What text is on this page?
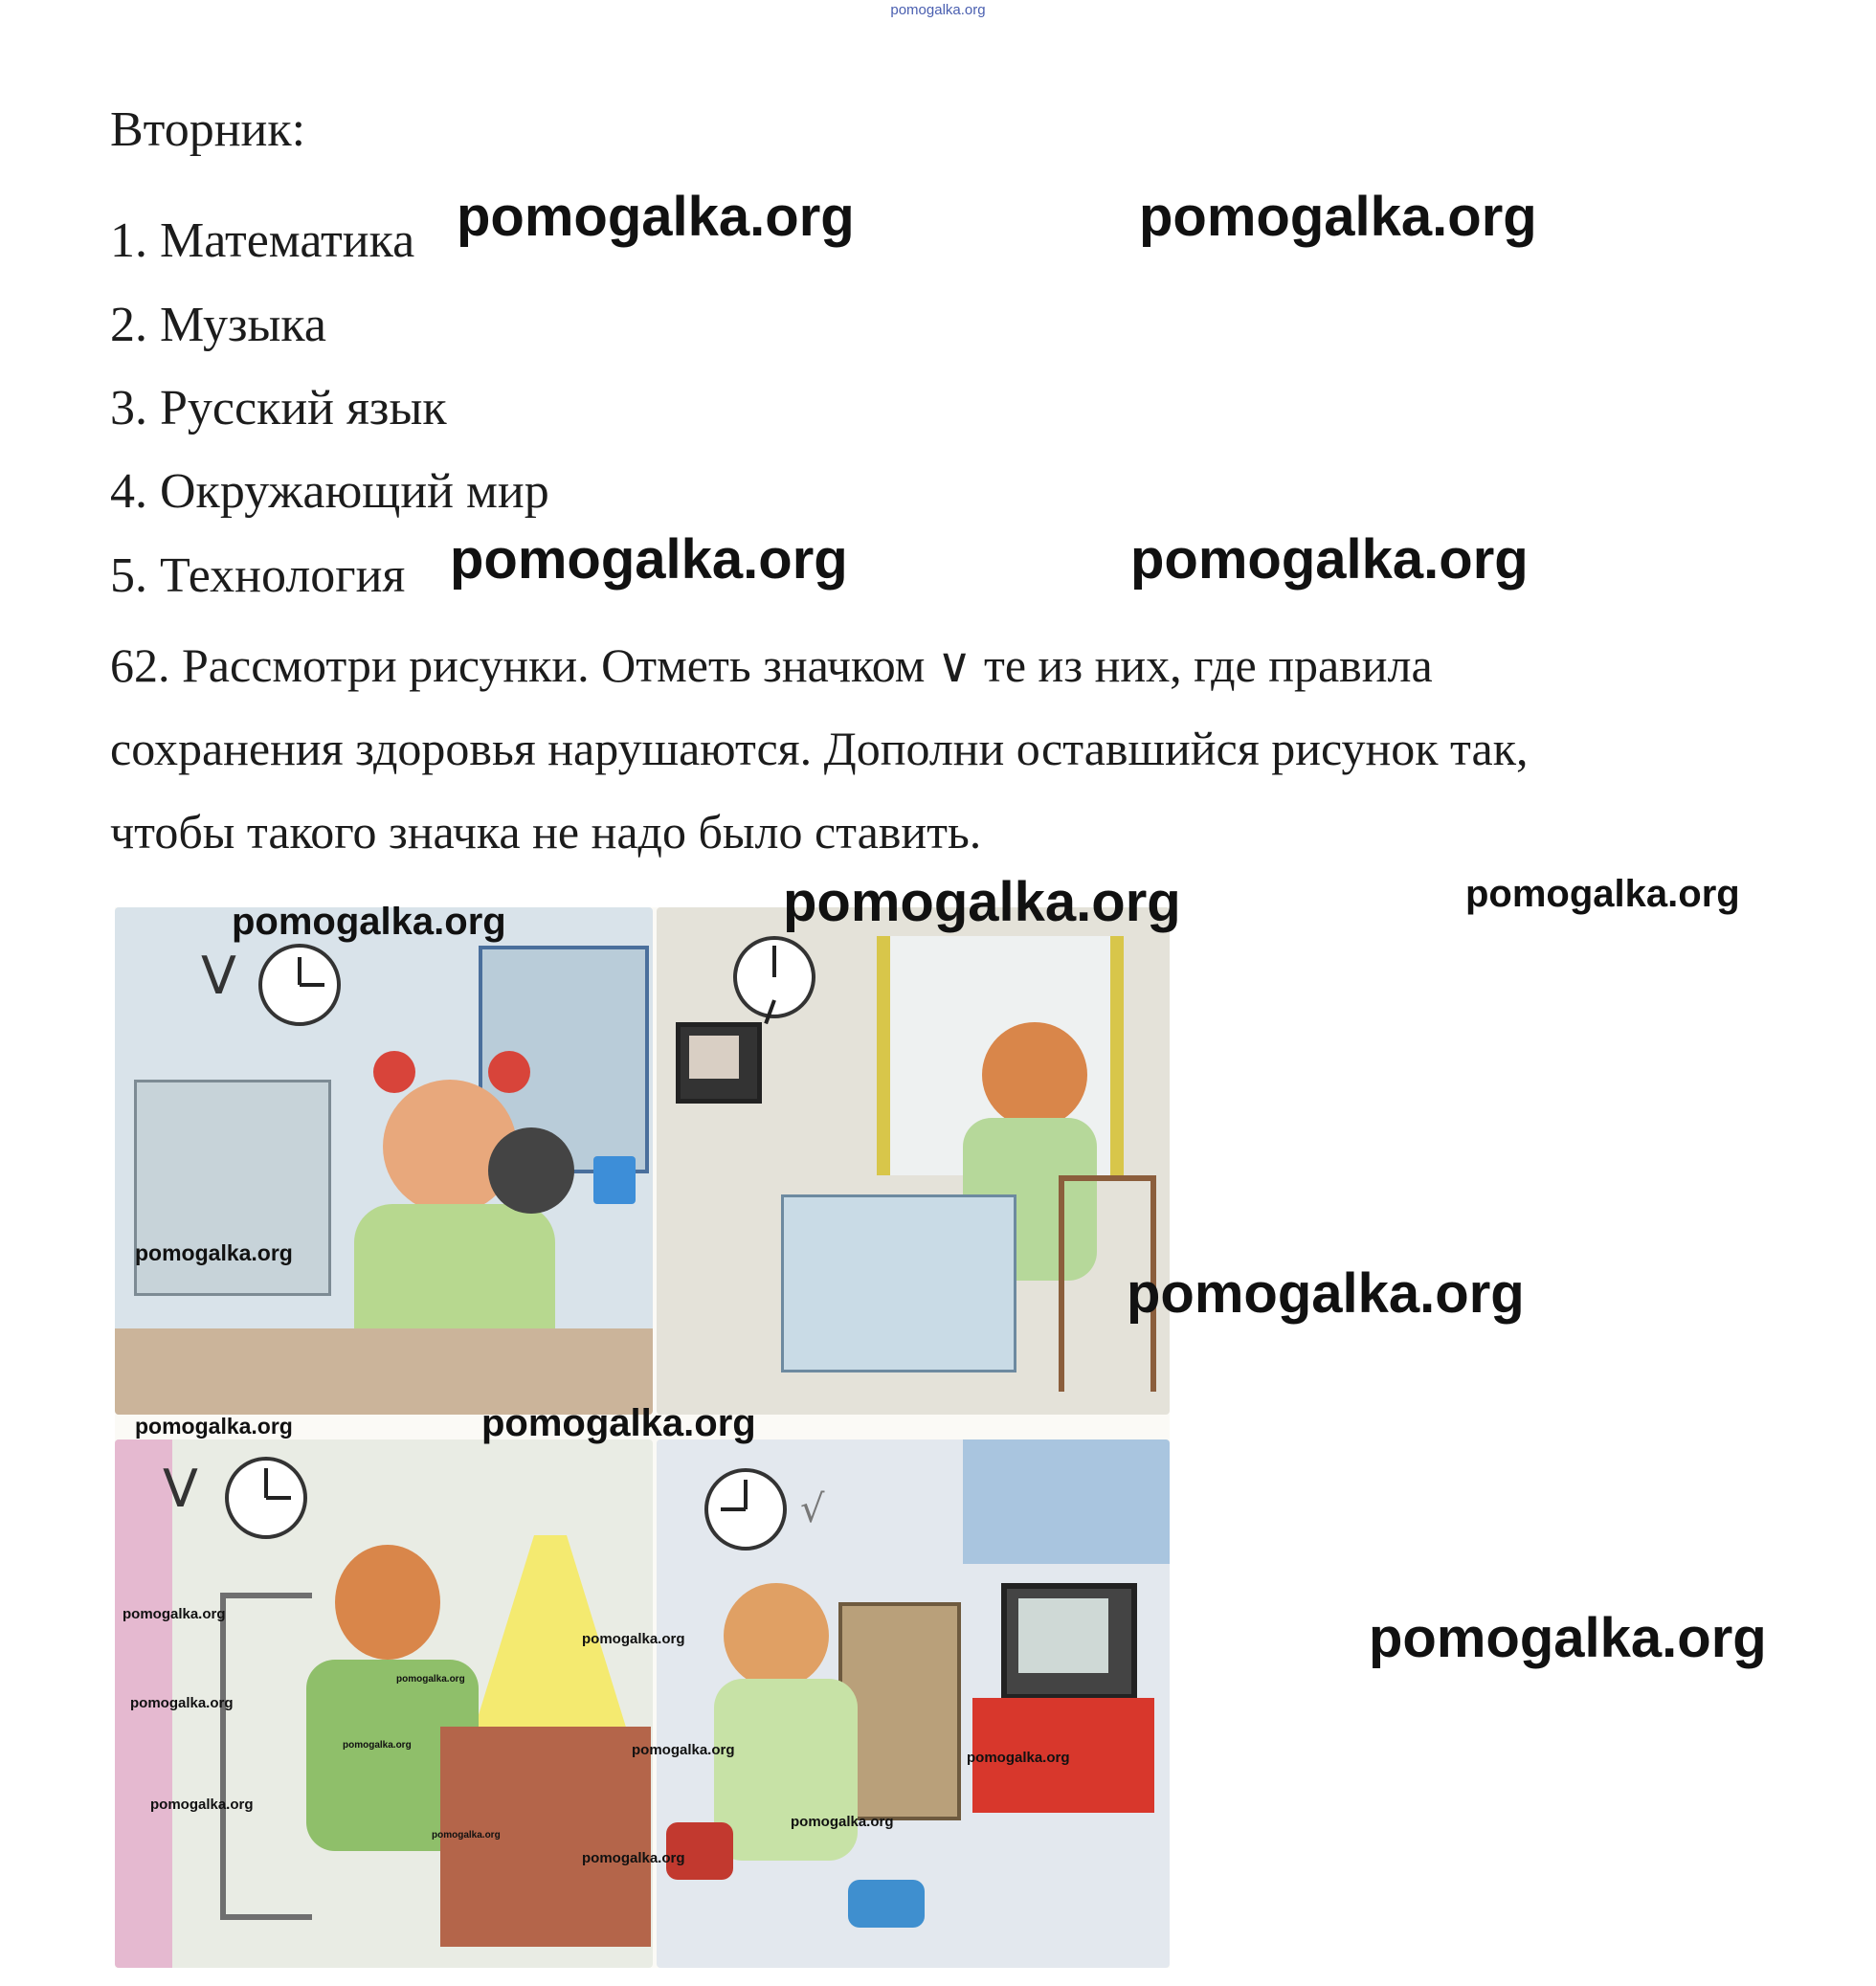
pomogalka.org
Вторник:
1. Математика
2. Музыка
3. Русский язык
4. Окружающий мир
5. Технология
62. Рассмотри рисунки. Отметь значком ∨ те из них, где правила
сохранения здоровья нарушаются. Дополни оставшийся рисунок так,
чтобы такого значка не надо было ставить.
V
V	√
pomogalka.org	pomogalka.org
pomogalka.org	pomogalka.org
pomogalka.org	pomogalka.org
pomogalka.org
pomogalka.org
pomogalka.org
pomogalka.org	pomogalka.org
pomogalka.org
pomogalka.org
pomogalka.org
pomogalka.org
pomogalka.org
pomogalka.org	pomogalka.org	pomogalka.org
pomogalka.org
pomogalka.org
pomogalka.org
pomogalka.org
